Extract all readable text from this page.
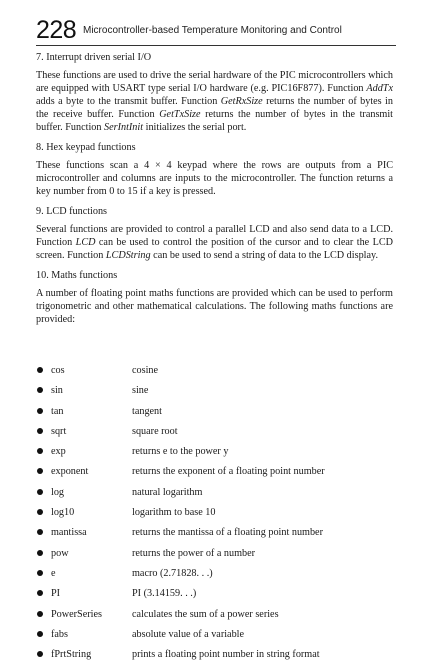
228 Microcontroller-based Temperature Monitoring and Control

7. Interrupt driven serial I/O

These functions are used to drive the serial hardware of the PIC microcontrollers which are equipped with USART type serial I/O hardware (e.g. PIC16F877). Function AddTx adds a byte to the transmit buffer. Function GetRxSize returns the number of bytes in the receive buffer. Function GetTxSize returns the number of bytes in the transmit buffer. Function SerIntInit initializes the serial port.

8. Hex keypad functions

These functions scan a 4 × 4 keypad where the rows are outputs from a PIC microcontroller and columns are inputs to the microcontroller. The function returns a key number from 0 to 15 if a key is pressed.

9. LCD functions

Several functions are provided to control a parallel LCD and also send data to a LCD. Function LCD can be used to control the position of the cursor and to clear the LCD screen. Function LCDString can be used to send a string of data to the LCD display.

10. Maths functions

A number of floating point maths functions are provided which can be used to perform trigonometric and other mathematical calculations. The following maths functions are provided:

cos	cosine
sin	sine
tan	tangent
sqrt	square root
exp	returns e to the power y
exponent	returns the exponent of a floating point number
log	natural logarithm
log10	logarithm to base 10
mantissa	returns the mantissa of a floating point number
pow	returns the power of a number
e	macro (2.71828. . .)
PI	PI (3.14159. . .)
PowerSeries	calculates the sum of a power series
fabs	absolute value of a variable
fPrtString	prints a floating point number in string format
